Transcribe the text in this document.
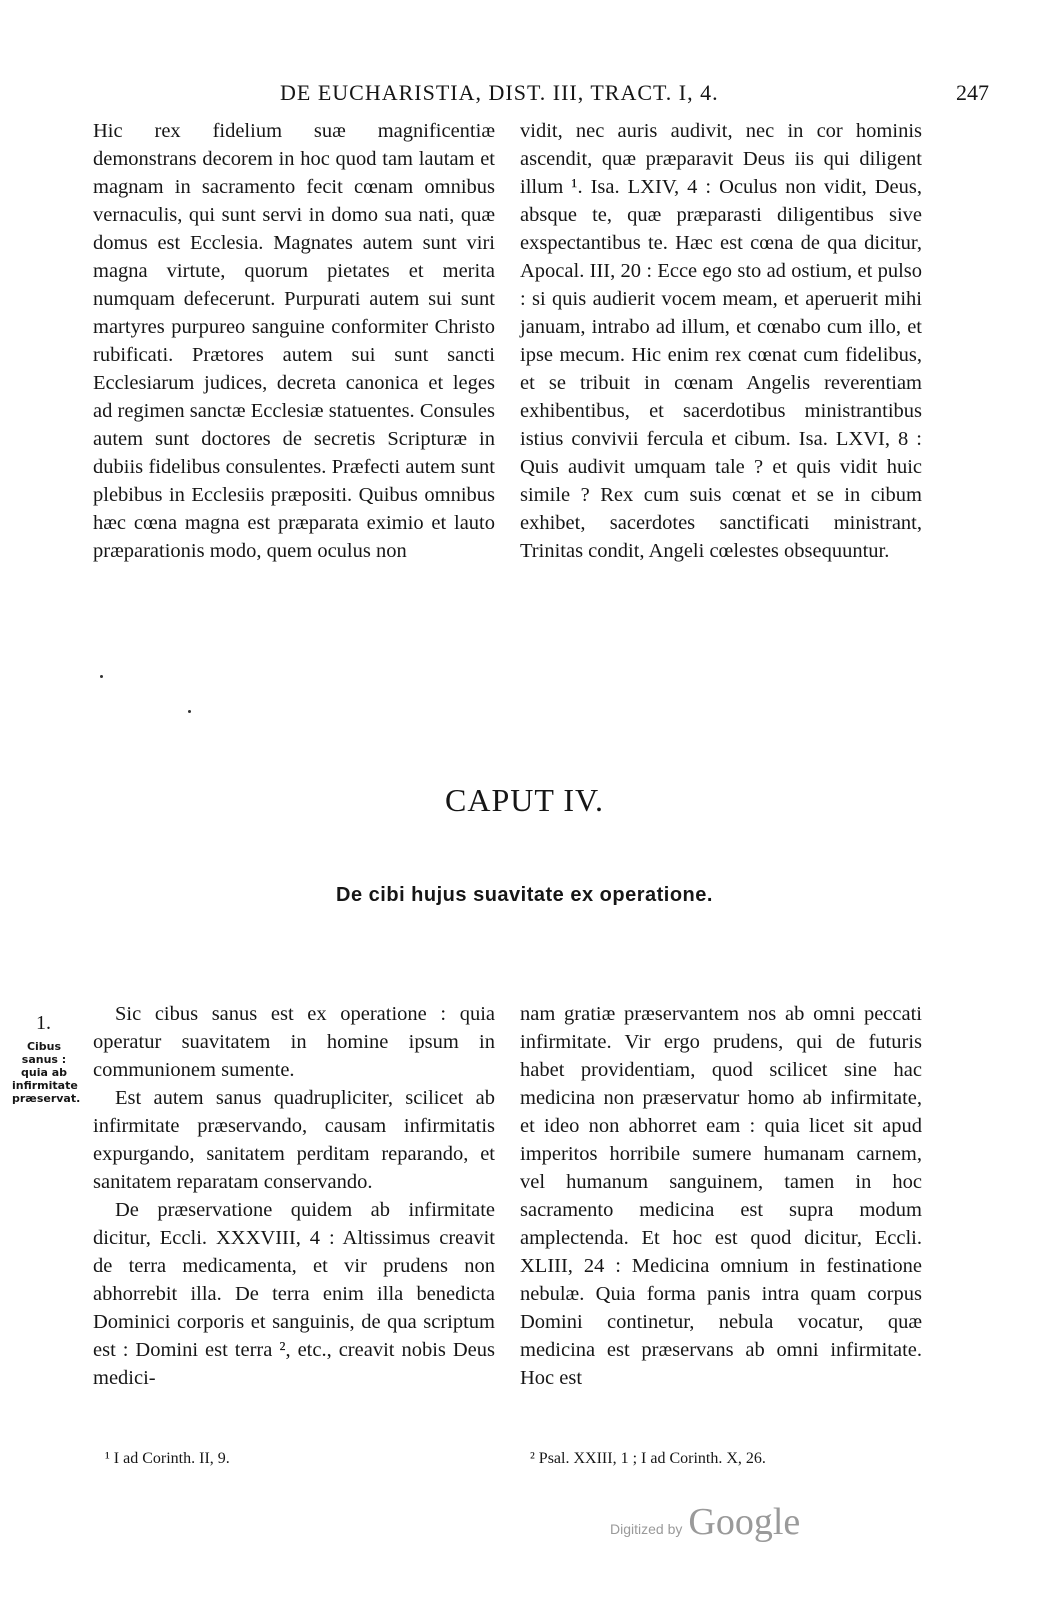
DE EUCHARISTIA, DIST. III, TRACT. I, 4.	247

Hic rex fidelium suæ magnificentiæ demonstrans decorem in hoc quod tam lautam et magnam in sacramento fecit cœnam omnibus vernaculis, qui sunt servi in domo sua nati, quæ domus est Ecclesia. Magnates autem sunt viri magna virtute, quorum pietates et merita numquam defecerunt. Purpurati autem sui sunt martyres purpureo sanguine conformiter Christo rubificati. Prætores autem sui sunt sancti Ecclesiarum judices, decreta canonica et leges ad regimen sanctæ Ecclesiæ statuentes. Consules autem sunt doctores de secretis Scripturæ in dubiis fidelibus consulentes. Præfecti autem sunt plebibus in Ecclesiis præpositi. Quibus omnibus hæc cœna magna est præparata eximio et lauto præparationis modo, quem oculus non

vidit, nec auris audivit, nec in cor hominis ascendit, quæ præparavit Deus iis qui diligent illum ¹. Isa. LXIV, 4 : Oculus non vidit, Deus, absque te, quæ præparasti diligentibus sive exspectantibus te. Hæc est cœna de qua dicitur, Apocal. III, 20 : Ecce ego sto ad ostium, et pulso : si quis audierit vocem meam, et aperuerit mihi januam, intrabo ad illum, et cœnabo cum illo, et ipse mecum. Hic enim rex cœnat cum fidelibus, et se tribuit in cœnam Angelis reverentiam exhibentibus, et sacerdotibus ministrantibus istius convivii fercula et cibum. Isa. LXVI, 8 : Quis audivit umquam tale ? et quis vidit huic simile ? Rex cum suis cœnat et se in cibum exhibet, sacerdotes sanctificati ministrant, Trinitas condit, Angeli cœlestes obsequuntur.

CAPUT IV.
De cibi hujus suavitate ex operatione.
1.
Cibus sanus : quia ab infirmitate præservat.

Sic cibus sanus est ex operatione : quia operatur suavitatem in homine ipsum in communionem sumente.

Est autem sanus quadrupliciter, scilicet ab infirmitate præservando, causam infirmitatis expurgando, sanitatem perditam reparando, et sanitatem reparatam conservando.

De præservatione quidem ab infirmitate dicitur, Eccli. XXXVIII, 4 : Altissimus creavit de terra medicamenta, et vir prudens non abhorrebit illa. De terra enim illa benedicta Dominici corporis et sanguinis, de qua scriptum est : Domini est terra ², etc., creavit nobis Deus medici-

nam gratiæ præservantem nos ab omni peccati infirmitate. Vir ergo prudens, qui de futuris habet providentiam, quod scilicet sine hac medicina non præservatur homo ab infirmitate, et ideo non abhorret eam : quia licet sit apud imperitos horribile sumere humanam carnem, vel humanum sanguinem, tamen in hoc sacramento medicina est supra modum amplectenda. Et hoc est quod dicitur, Eccli. XLIII, 24 : Medicina omnium in festinatione nebulæ. Quia forma panis intra quam corpus Domini continetur, nebula vocatur, quæ medicina est præservans ab omni infirmitate. Hoc est

¹ I ad Corinth. II, 9.	² Psal. XXIII, 1 ; I ad Corinth. X, 26.
Digitized by Google
